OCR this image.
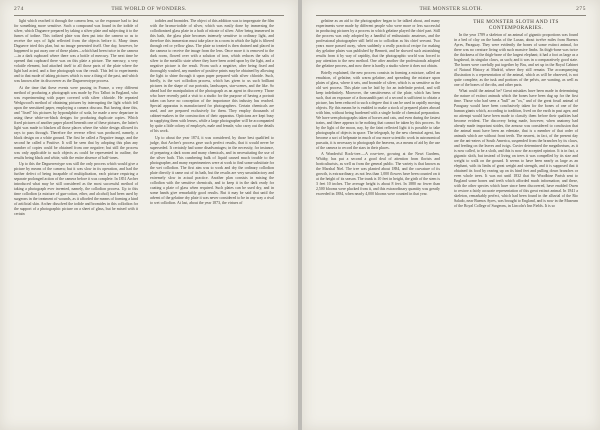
274	THE WORLD OF WONDERS.

light which reached it through the camera lens, so the exposure had to last for something more sensitive. Such a compound was found in the iodide of silver, which Daguerre prepared by taking a silver plate and subjecting it to the fumes of iodine. This iodized plate was then put into the camera so as to receive the rays of light reflected from the objects before it. Many times Daguerre tried this plan, but no image presented itself. One day, however, he happened to put away one of these plates—which had been twice in the camera—in a dark cupboard where there was a bottle of mercury. The next time he opened that cupboard there was on this plate a picture. The mercury, a very volatile element, had attached itself to all those parts of the plate where the light had acted, and a fine photograph was the result. This led to experiments and to that mode of taking pictures which is now a thing of the past, and which was known after its discoverer as the Daguerreotype process.

At the time that these events were passing in France, a very different method of producing a photograph was made by Fox Talbot in England, who was experimenting with paper covered with silver chloride. He repeated Wedgwood's method of obtaining pictures by interrupting the light which fell upon the sensitized paper, employing a camera obscura. But having done this, and "fixed" his pictures by hyposulphite of soda, he made a new departure in using these white-on-black designs for producing duplicate copies. Which fixed pictures of another paper placed beneath one of these pictures, the latter's light was made to blacken all those places where the white design allowed its rays to pass through. Therefore the reverse effect was produced, namely, a black design on a white ground. The first he called a Negative image, and the second he called a Positive. It will be seen that by adopting this plan any number of copies could be obtained from one negative; but still the process was only applicable to such objects as could be represented in outline, the results being black and white, with the entire absence of half-tones.

Up to this the Daguerreotype was still the only process which would give a picture by means of the camera; but it was slow in its operation, and had the further defect of being incapable of multiplication, each picture requiring a separate prolonged action of the camera before it was complete. In 1851 Archer introduced what may be still considered as the most successful method of taking a photograph ever invented, namely, the collodion process. Up to this time collodion (a mixture of gun-cotton, ether, and alcohol) had been used by surgeons in the treatment of wounds, as it afforded the means of forming a kind of artificial skin. Archer dissolved the iodide and bromides in this collodion for the support of a photographic picture on a sheet of glass, but he mixed with it certain

iodides and bromides. The object of this addition was to impregnate the film with the bromo-iodide of silver, which was easily done by immersing the collodionized glass plate in a bath of nitrate of silver. After being immersed in this bath, the glass plate becomes intensely sensitive to ordinary light, and therefore this immersion must take place in a room in which the light is filtered through red or yellow glass. The plate so treated is then drained and placed in the camera to receive the image from the lens. Once more it is removed to the dark room, flowed over with a solution of iron, which reduces the salts of silver to the metallic state where they have been acted upon by the light, and a negative picture is the result. From such a negative, after being fixed and thoroughly washed, any number of positive prints may be obtained by allowing the light to shine through it upon paper prepared with silver chloride. Such, briefly, is the wet collodion process, which has given to us such brilliant pictures in the shape of our portraits, landscapes, star-scenes, and the like. So ahead had the manipulation of the photograph as an agent in discovery. Those who have recently paid a visit to a studio for the purpose of having a portrait taken can have no conception of the importance this industry has reached. Special apparatus is manufactured for photographers. Certain chemicals are used, and are prepared exclusively for them. They employ thousands of cabinet-makers in the construction of their apparatus. Opticians are kept busy in supplying them with lenses, while a large photographer will be accompanied by quite a little colony of employés, male and female, who carry out the details of his work.

Up to about the year 1874, it was considered, by those best qualified to judge, that Archer's process gave such perfect results, that it would never be superseded. It certainly had some disadvantages; in the necessity, for instance, of preparing a dark room and many chemicals, and in necessitating the use of the silver bath. This cumbering bulk of liquid caused much trouble to the photographer, and many experimenters were at work to find some substitute for the wet collodion. The first aim was to work and dry the ordinary collodion plate directly it came out of its bath, but the results are very unsatisfactory and extremely slow in actual practice. Another plan consists in mixing the collodion with the sensitive chemicals, and to keep it in the dark ready for coating a plate of glass when required. Such plates can be used dry, and in some hands give remarkably good results. But it may be said that until the advent of the gelatine dry plate it was never considered to be in any way a rival to wet collodion. At last, about the year 1873, the virtues of

THE MONSTER SLOTH.	275

gelatine as an aid to the photographer began to be talked about, and many experiments were made by different people who were more or less successful in producing pictures by a process in which gelatine played the chief part. Still the process was only adopted by a handful of enthusiastic amateurs, and the professional photographer still held on to collodion as his chief servant. Two years more passed away, when suddenly a really practical recipe for making dry gelatine plates was published by Bennett, and he showed such astonishing results from it by way of rapidity, that the photographic world was forced to pay attention to the new method. One after another the professionals adopted the gelatine process, and now there is hardly a studio where it does not obtain.

Briefly explained, the new process consists in forming a mixture, called an emulsion, of gelatine, with warm gelatine, and spreading the mixture upon plates of glass, where it sets, and bromide of silver, which is as sensitive as the old wet process. This plate can be laid by for an indefinite period, and will keep indefinitely. Moreover, the sensitiveness of the plate, which has been such, that an exposure of a thousandth part of a second is sufficient to obtain a picture, has been reduced to such a degree that it can be used in rapidly moving objects. By this means he is enabled to make a stock of prepared plates abroad with him, without being burdened with a single bottle of chemical preparation. We have seen photographs taken of horses and cats, and even during the fastest trains, and there appears to be nothing that cannot be taken by this process. So by the light of the moon, nay, by the faint reflected light it is possible to take photographs of objects in space. The telegraph, by the new chemical agent, has become a sort of helpmate in much of our more scientific work in astronomical pursuits, it is necessary to photograph the heavens, as a means of aid by the use of the camera to record the stars in their places.

A Wonderful Rock-tree.—A rose-tree, growing at the Newt Gardens, Whitby, has put a second a good deal of attention from florists and horticulturists, as well as from the general public. The variety is that known as the Marshal Niel. The tree was planted about 1884, and the curvature of its growth, is extraordinary, as not less than 1,000 flowers have been counted on it at the height of its season. The trunk is 10 feet in height, the girth of the stem is 3 feet 10 inches. The average height is about 8 feet. In 1880 no fewer than 2,500 blooms were plucked from it, and this extraordinary quantity was greatly exceeded in 1884, when nearly 4,000 blooms were counted in that year.

THE MONSTER SLOTH AND ITS CONTEMPORARIES.

In the year 1789 a skeleton of an animal of gigantic proportions was found in a bed of clay on the banks of the Luxan, about twelve miles from Buenos Ayres, Paraguay. They were evidently the bones of some extinct animal, for there was no creature living with such massive limbs. Its thigh-bone was twice the thickness of the thigh-bone of the largest elephant; it had a foot as large as a hogshead, its singular claws, as such; and it was in a comparatively good state. The bones were carefully put together by Bru, and set up in the Royal Cabinet of Natural History at Madrid, where they still remain. The accompanying illustration is a representation of the animal, which as will be observed, is not quite complete, as the tusk and portions of the pelvis, are wanting, as well as one of the bones of the ribs, and other parts.

What could the animal be? Great mistakes have been made in determining the nature of extinct animals which the bones have been dug up for the first time. Those who had seen a "bull" an "ox," and of the great fossil animal of Paraguay would have been conclusively taken for the bones of one of the human giants which, according to tradition, lived on the earth in past ages; and no attempt would have been made to classify them before their qualities had become evident. The discovery being made, however, when anatomy had already made important strides, the armour was considered to conclusion that the animal must have been an edentate, that is a member of that order of animals which are without front teeth. The nearest, in fact, of the present day are the ant-eaters of South America, suspended from the branches by its claws, and feeding on the leaves and twigs. Cuvier determined the megatherium, as it is now called, to be a sloth, and this is now the accepted opinion. It is in fact, a gigantic sloth, but instead of living on trees it was compelled by its size and weight to walk on the ground. It seems to have been nearly as large as an elephant, with its limbs of great weight and strength, and it is supposed that it obtained its food by rearing up on its hind feet and pulling down branches or even whole trees. It was not until 1832 that Sir Woodbine Parish sent to England some bones and teeth which afforded much information; and these, with the other species which have since been discovered, have enabled Owen to restore a fairly accurate representation of this great extinct animal. In 1841 a skeleton, remarkably perfect, which had been found in the alluvial of the Rio Salado, near Buenos Ayres, was brought to England, and is now in the Museum of the Royal College of Surgeons, in Lincoln's Inn Fields. It is so
